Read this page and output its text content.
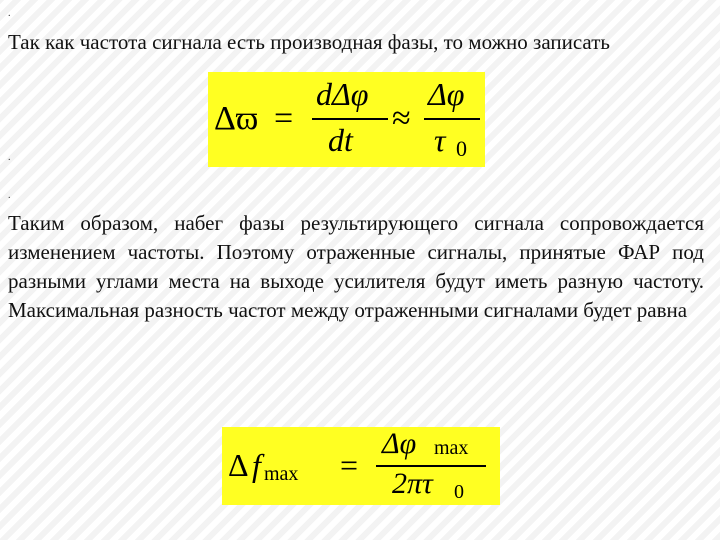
.
.
.
Так как частота сигнала есть производная фазы, то можно записать
Δϖ =
dΔφ
dt
≈
Δφ
τ 0
Таким образом, набег фазы результирующего сигнала сопровождается изменением частоты. Поэтому отраженные сигналы, принятые ФАР под разными углами места на выходе усилителя будут иметь разную частоту. Максимальная разность частот между отраженными сигналами будет равна
Δ f max =
Δφ max
2πτ 0
